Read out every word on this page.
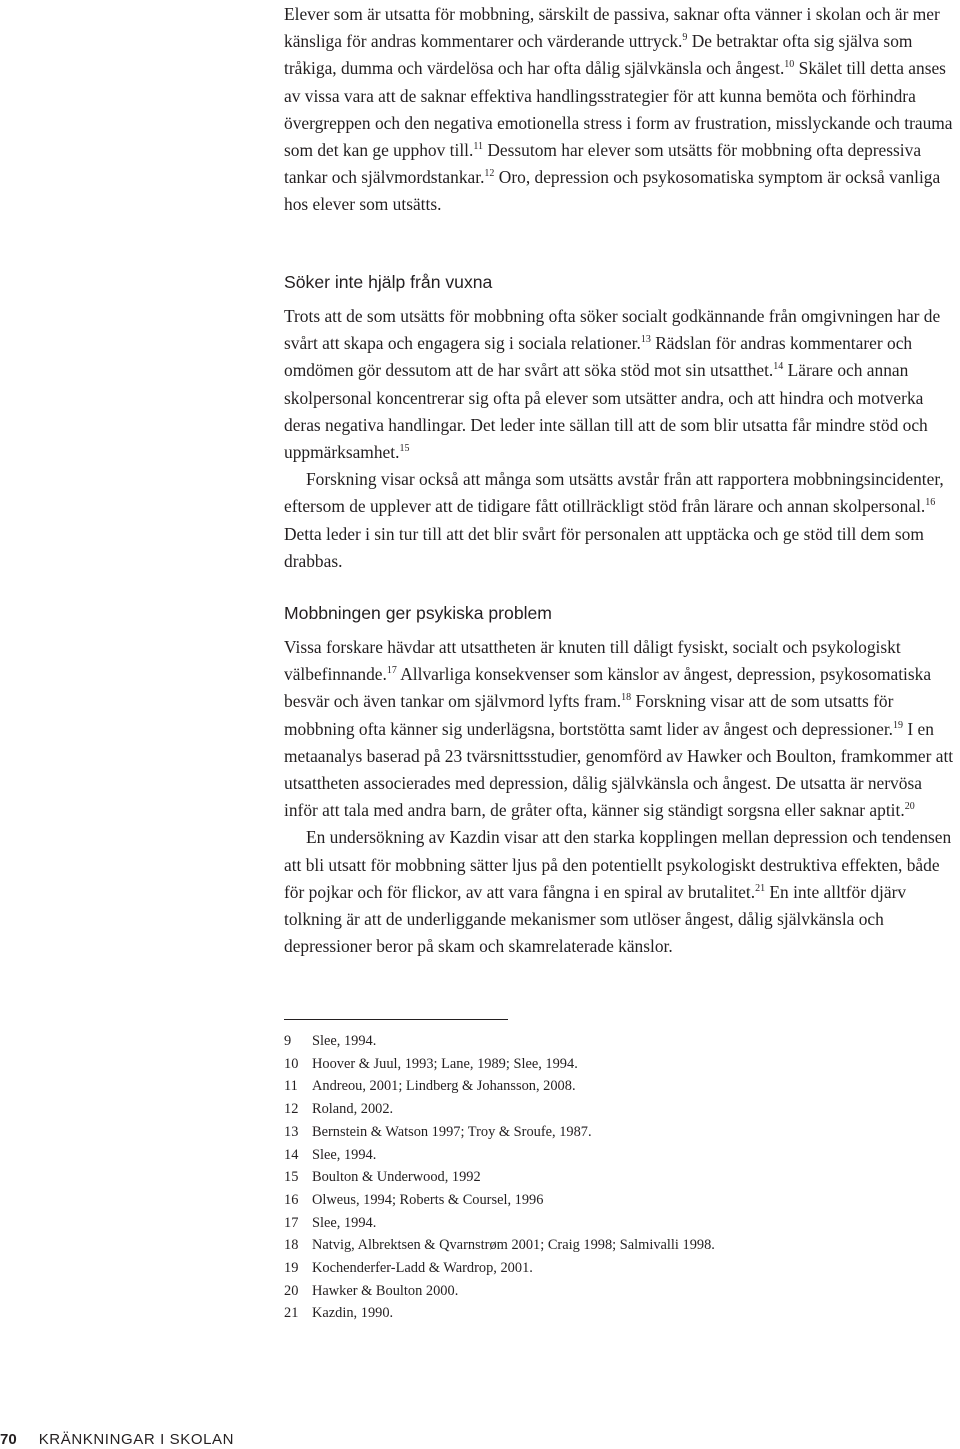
Elever som är utsatta för mobbning, särskilt de passiva, saknar ofta vänner i skolan och är mer känsliga för andras kommentarer och värderande uttryck.$^9$ De betraktar ofta sig själva som tråkiga, dumma och värdelösa och har ofta dålig självkänsla och ångest.$^{10}$ Skälet till detta anses av vissa vara att de saknar effektiva handlingsstrategier för att kunna bemöta och förhindra övergreppen och den negativa emotionella stress i form av frustration, misslyckande och trauma som det kan ge upphov till.$^{11}$ Dessutom har elever som utsätts för mobbning ofta depressiva tankar och självmordstankar.$^{12}$ Oro, depression och psykosomatiska symptom är också vanliga hos elever som utsätts.

Söker inte hjälp från vuxna

Trots att de som utsätts för mobbning ofta söker socialt godkännande från omgivningen har de svårt att skapa och engagera sig i sociala relationer.$^{13}$ Rädslan för andras kommentarer och omdömen gör dessutom att de har svårt att söka stöd mot sin utsatthet.$^{14}$ Lärare och annan skolpersonal koncentrerar sig ofta på elever som utsätter andra, och att hindra och motverka deras negativa handlingar. Det leder inte sällan till att de som blir utsatta får mindre stöd och uppmärksamhet.$^{15}$

Forskning visar också att många som utsätts avstår från att rapportera mobbningsincidenter, eftersom de upplever att de tidigare fått otillräckligt stöd från lärare och annan skolpersonal.$^{16}$ Detta leder i sin tur till att det blir svårt för personalen att upptäcka och ge stöd till dem som drabbas.

Mobbningen ger psykiska problem

Vissa forskare hävdar att utsattheten är knuten till dåligt fysiskt, socialt och psykologiskt välbefinnande.$^{17}$ Allvarliga konsekvenser som känslor av ångest, depression, psykosomatiska besvär och även tankar om självmord lyfts fram.$^{18}$ Forskning visar att de som utsatts för mobbning ofta känner sig underlägsna, bortstötta samt lider av ångest och depressioner.$^{19}$ I en metaanalys baserad på 23 tvärsnittsstudier, genomförd av Hawker och Boulton, framkommer att utsattheten associerades med depression, dålig självkänsla och ångest. De utsatta är nervösa inför att tala med andra barn, de gråter ofta, känner sig ständigt sorgsna eller saknar aptit.$^{20}$

En undersökning av Kazdin visar att den starka kopplingen mellan depression och tendensen att bli utsatt för mobbning sätter ljus på den potentiellt psykologiskt destruktiva effekten, både för pojkar och för flickor, av att vara fångna i en spiral av brutalitet.$^{21}$ En inte alltför djärv tolkning är att de underliggande mekanismer som utlöser ångest, dålig självkänsla och depressioner beror på skam och skamrelaterade känslor.

9	Slee, 1994.
10 Hoover & Juul, 1993; Lane, 1989; Slee, 1994.
11 Andreou, 2001; Lindberg & Johansson, 2008.
12 Roland, 2002.
13 Bernstein & Watson 1997; Troy & Sroufe, 1987.
14 Slee, 1994.
15 Boulton & Underwood, 1992
16 Olweus, 1994; Roberts & Coursel, 1996
17 Slee, 1994.
18 Natvig, Albrektsen & Qvarnstrøm 2001; Craig 1998; Salmivalli 1998.
19 Kochenderfer-Ladd & Wardrop, 2001.
20 Hawker & Boulton 2000.
21 Kazdin, 1990.
70 KRÄNKNINGAR I SKOLAN
